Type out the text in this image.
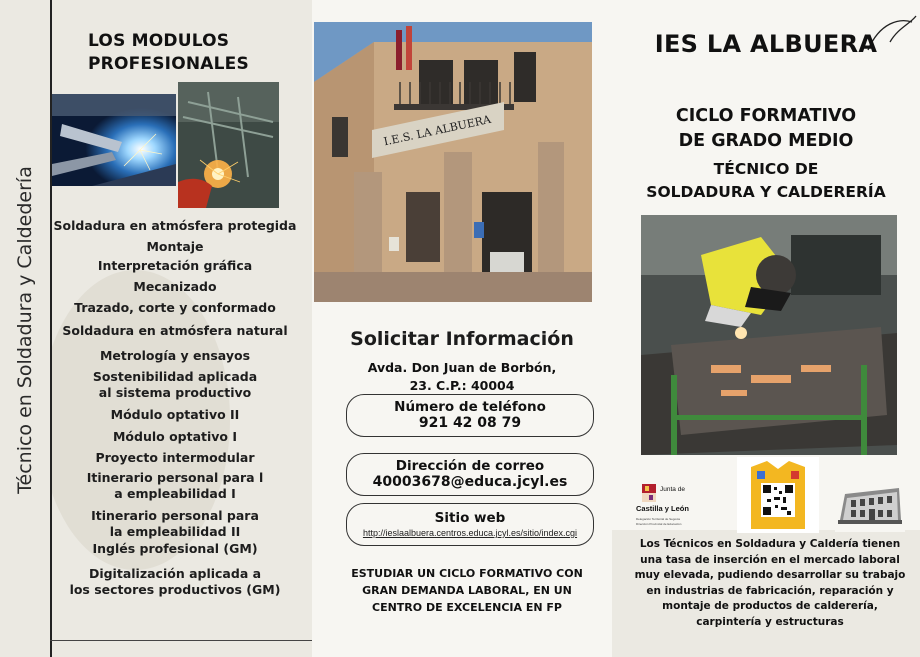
Técnico en Soldadura y Caldedería
LOS MODULOS
PROFESIONALES
Soldadura en atmósfera protegida
Montaje
Interpretación gráfica
Mecanizado
Trazado, corte y conformado
Soldadura en atmósfera natural
Metrología y ensayos
Sostenibilidad aplicada
al sistema productivo
Módulo optativo II
Módulo optativo I
Proyecto intermodular
Itinerario personal para l
a empleabilidad I
Itinerario personal para
la empleabilidad II
Inglés profesional (GM)
Digitalización aplicada a
los sectores productivos (GM)
I.E.S. LA ALBUERA
Solicitar Información
Avda. Don Juan de Borbón,
23. C.P.: 40004
Número de teléfono
921 42 08 79
Dirección de correo
40003678@educa.jcyl.es
Sitio web
http://ieslaalbuera.centros.educa.jcyl.es/sitio/index.cgi
ESTUDIAR UN CICLO FORMATIVO CON
GRAN DEMANDA LABORAL, EN UN
CENTRO DE EXCELENCIA EN FP
IES LA ALBUERA
CICLO FORMATIVO
DE GRADO MEDIO
TÉCNICO DE
SOLDADURA Y CALDERERÍA
Junta de
Castilla y León
Delegación Territorial de Segovia
Dirección Provincial de Educación
Los Técnicos en Soldadura y Caldería tienen
una tasa de inserción en el mercado laboral
muy elevada, pudiendo desarrollar su trabajo
en industrias de fabricación, reparación y
montaje de productos de calderería,
carpintería y estructuras
